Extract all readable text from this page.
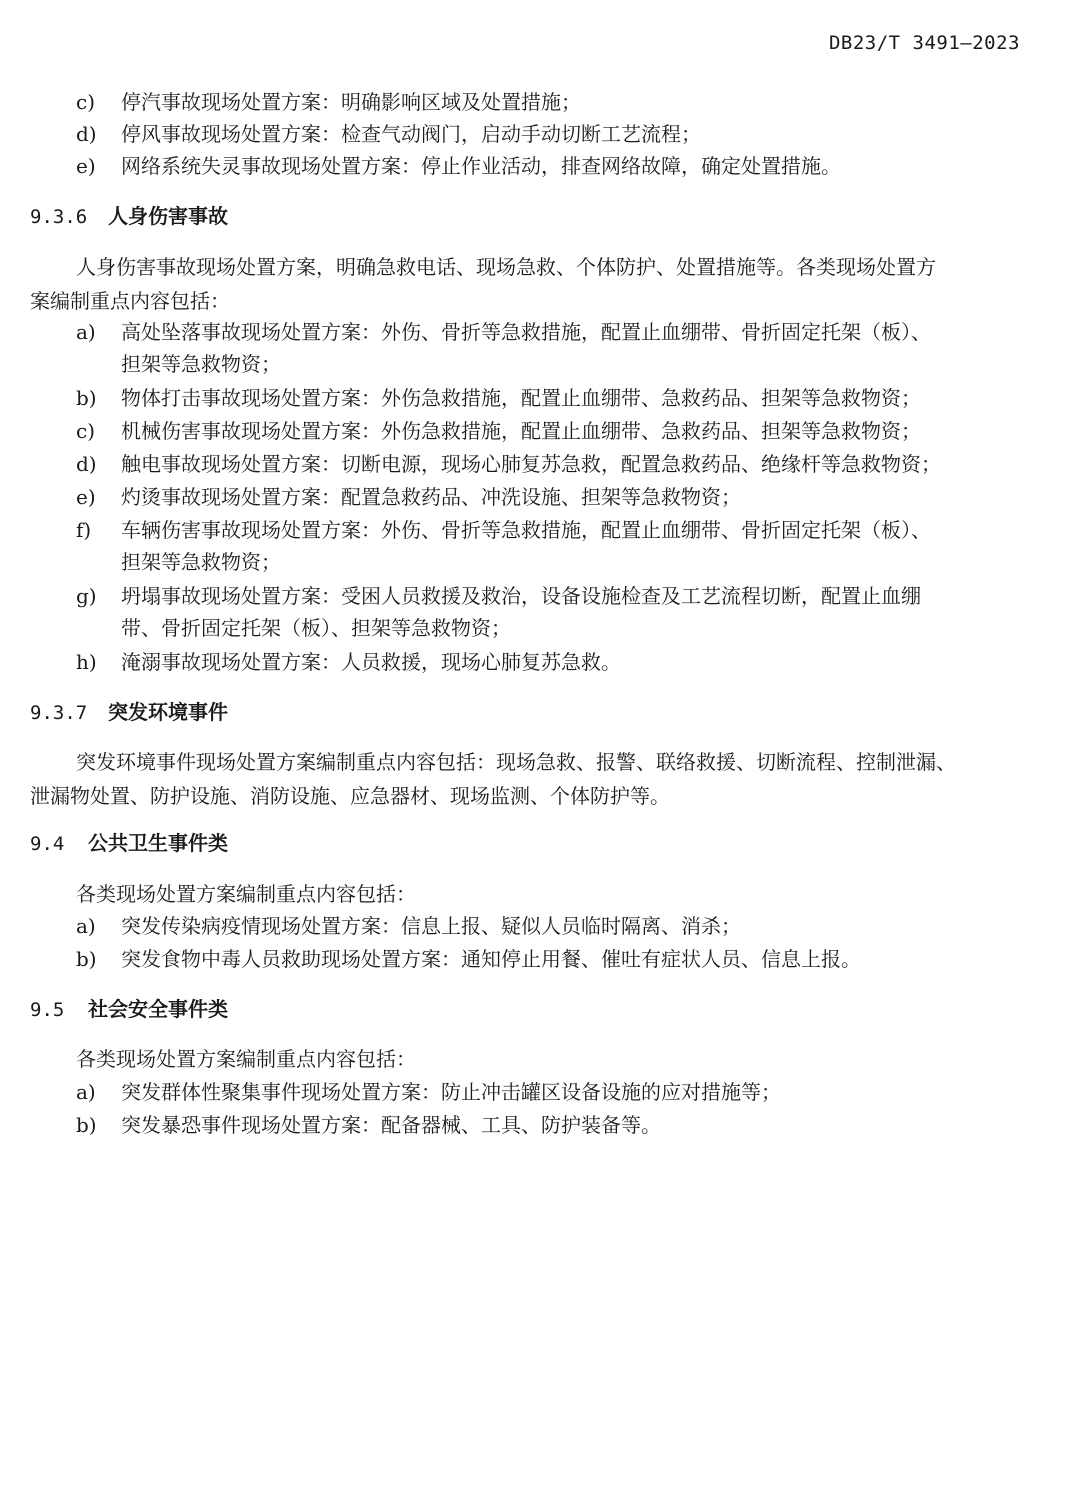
DB23/T 3491—2023
c) 停汽事故现场处置方案：明确影响区域及处置措施；
d) 停风事故现场处置方案：检查气动阀门，启动手动切断工艺流程；
e) 网络系统失灵事故现场处置方案：停止作业活动，排查网络故障，确定处置措施。
9.3.6 人身伤害事故
人身伤害事故现场处置方案，明确急救电话、现场急救、个体防护、处置措施等。各类现场处置方
案编制重点内容包括：
a) 高处坠落事故现场处置方案：外伤、骨折等急救措施，配置止血绷带、骨折固定托架（板）、
担架等急救物资；
b) 物体打击事故现场处置方案：外伤急救措施，配置止血绷带、急救药品、担架等急救物资；
c) 机械伤害事故现场处置方案：外伤急救措施，配置止血绷带、急救药品、担架等急救物资；
d) 触电事故现场处置方案：切断电源，现场心肺复苏急救，配置急救药品、绝缘杆等急救物资；
e) 灼烫事故现场处置方案：配置急救药品、冲洗设施、担架等急救物资；
f) 车辆伤害事故现场处置方案：外伤、骨折等急救措施，配置止血绷带、骨折固定托架（板）、
担架等急救物资；
g) 坍塌事故现场处置方案：受困人员救援及救治，设备设施检查及工艺流程切断，配置止血绷
带、骨折固定托架（板）、担架等急救物资；
h) 淹溺事故现场处置方案：人员救援，现场心肺复苏急救。
9.3.7 突发环境事件
突发环境事件现场处置方案编制重点内容包括：现场急救、报警、联络救援、切断流程、控制泄漏、
泄漏物处置、防护设施、消防设施、应急器材、现场监测、个体防护等。
9.4 公共卫生事件类
各类现场处置方案编制重点内容包括：
a) 突发传染病疫情现场处置方案：信息上报、疑似人员临时隔离、消杀；
b) 突发食物中毒人员救助现场处置方案：通知停止用餐、催吐有症状人员、信息上报。
9.5 社会安全事件类
各类现场处置方案编制重点内容包括：
a) 突发群体性聚集事件现场处置方案：防止冲击罐区设备设施的应对措施等；
b) 突发暴恐事件现场处置方案：配备器械、工具、防护装备等。
